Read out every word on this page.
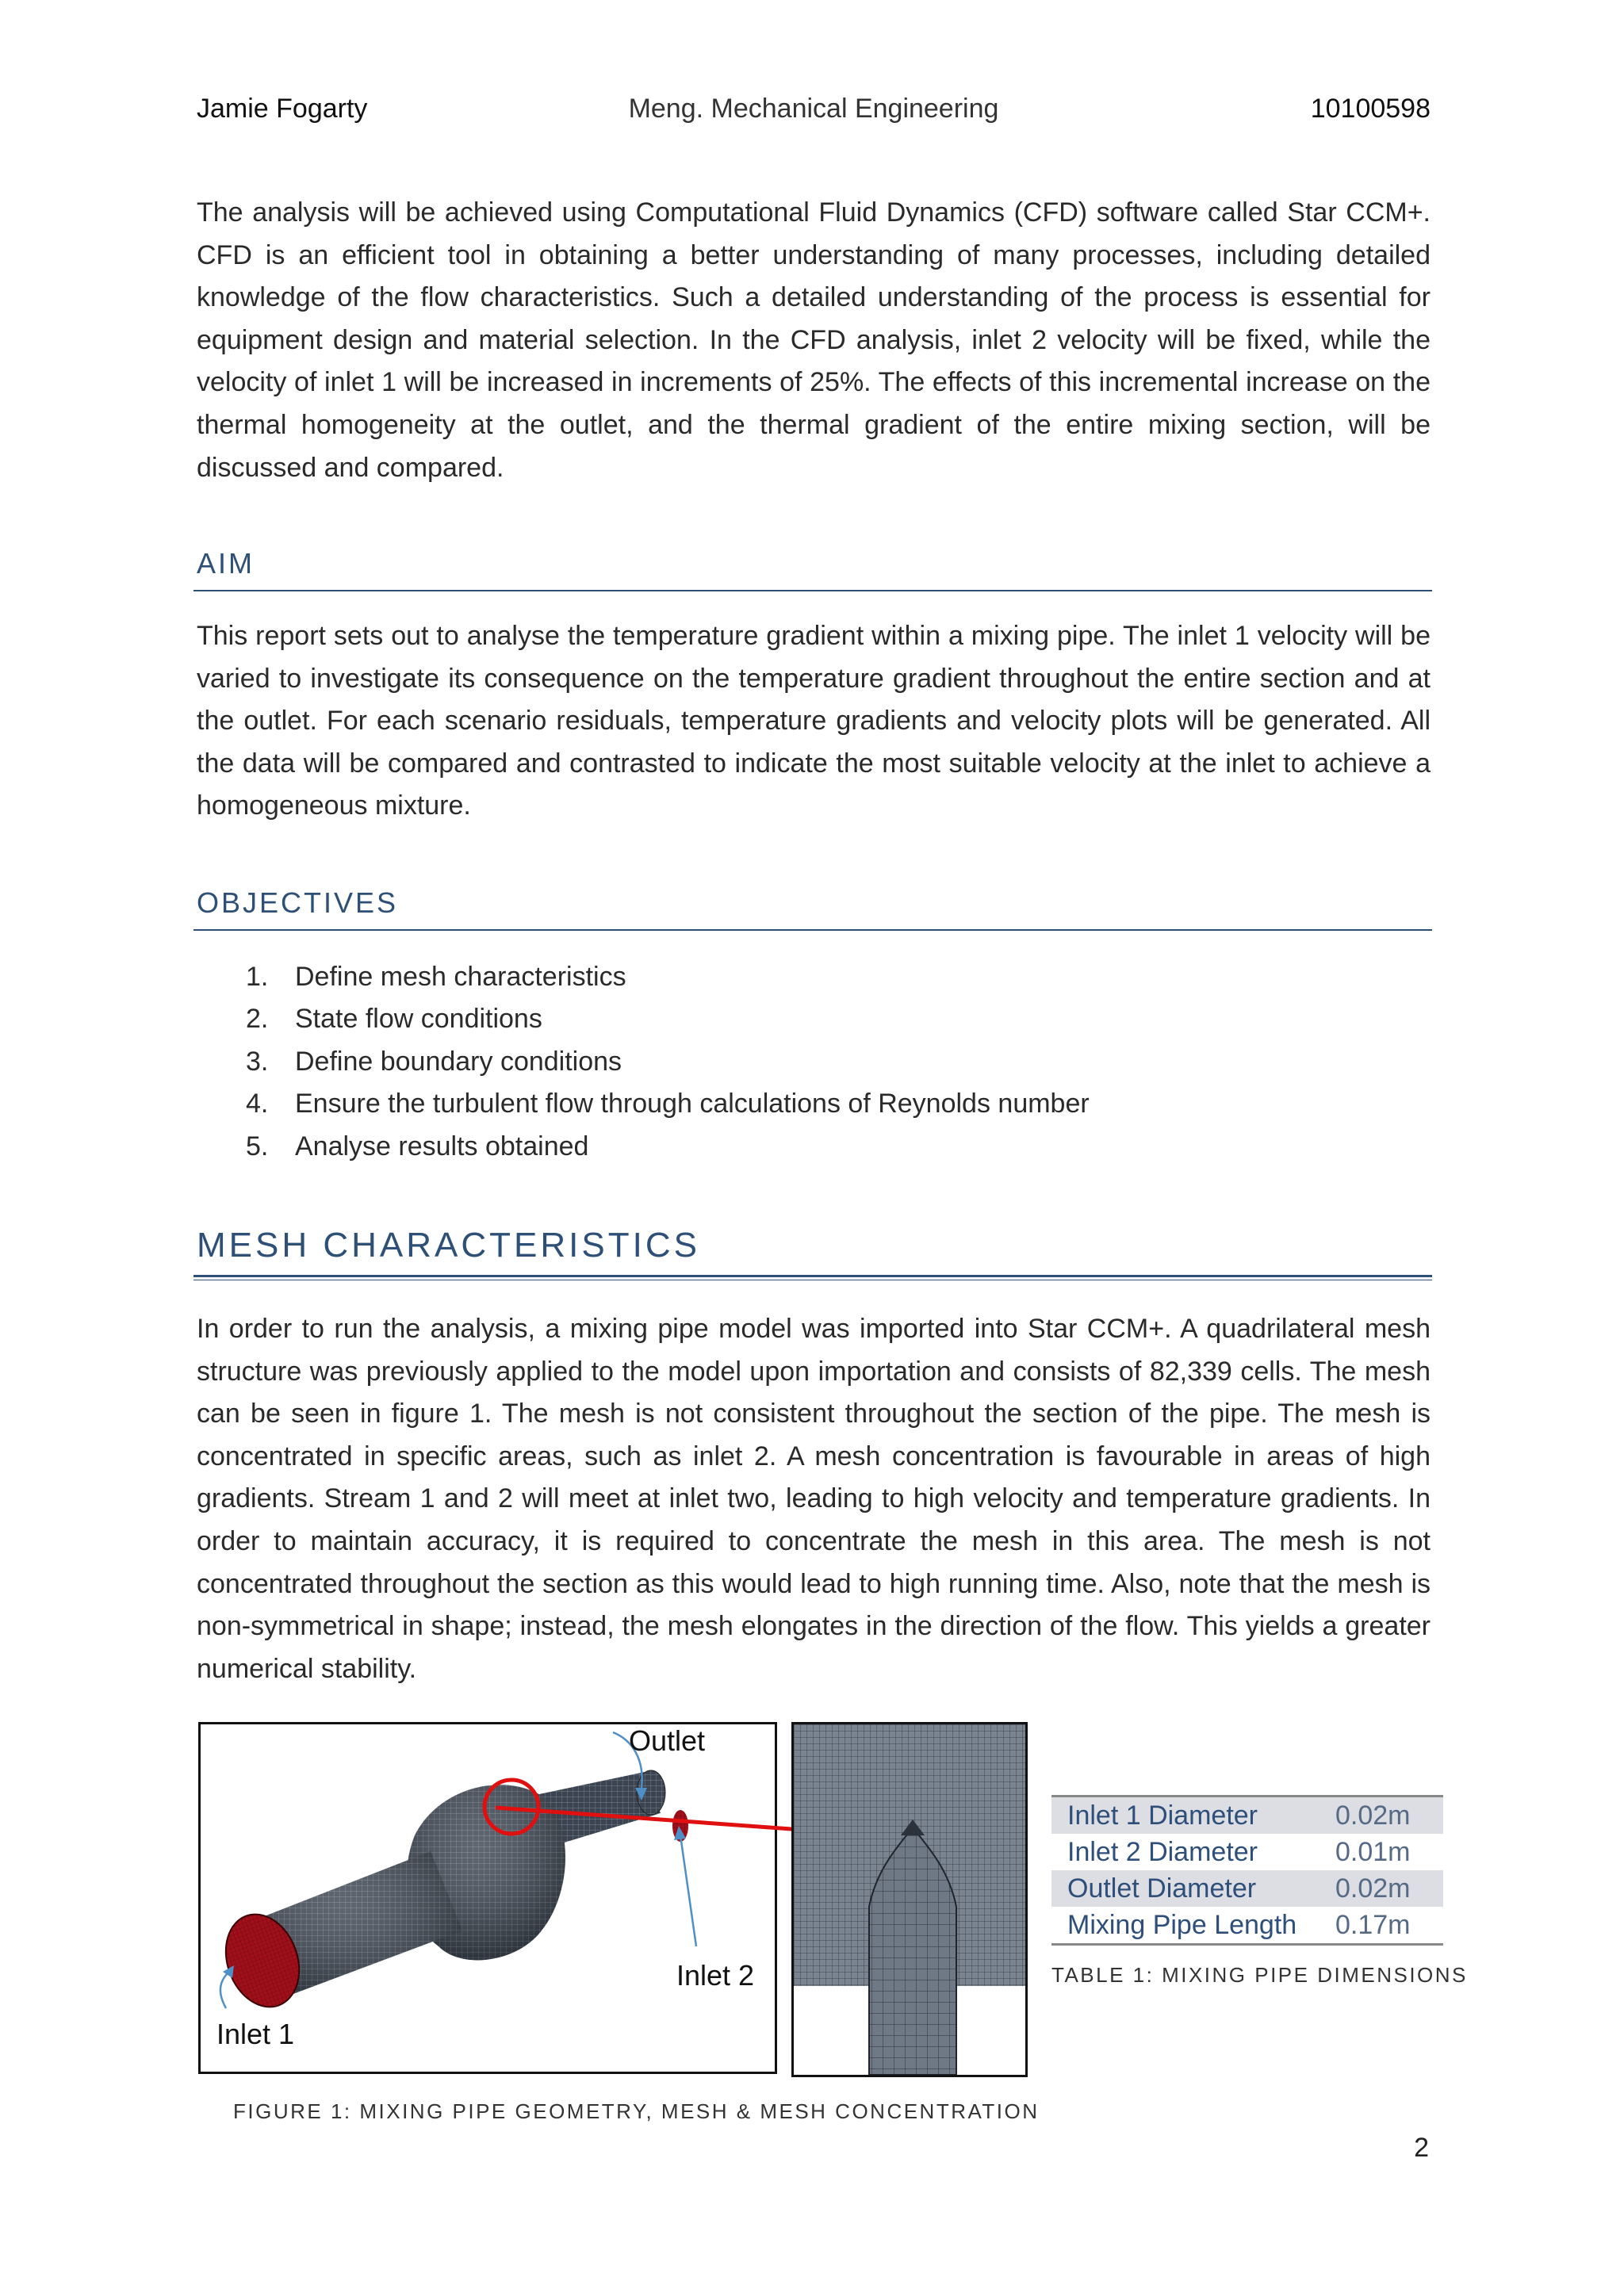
Jamie Fogarty	Meng. Mechanical Engineering	10100598

The analysis will be achieved using Computational Fluid Dynamics (CFD) software called Star CCM+. CFD is an efficient tool in obtaining a better understanding of many processes, including detailed knowledge of the flow characteristics. Such a detailed understanding of the process is essential for equipment design and material selection. In the CFD analysis, inlet 2 velocity will be fixed, while the velocity of inlet 1 will be increased in increments of 25%. The effects of this incremental increase on the thermal homogeneity at the outlet, and the thermal gradient of the entire mixing section, will be discussed and compared.

AIM

This report sets out to analyse the temperature gradient within a mixing pipe. The inlet 1 velocity will be varied to investigate its consequence on the temperature gradient throughout the entire section and at the outlet. For each scenario residuals, temperature gradients and velocity plots will be generated. All the data will be compared and contrasted to indicate the most suitable velocity at the inlet to achieve a homogeneous mixture.

OBJECTIVES
1. Define mesh characteristics
2. State flow conditions
3. Define boundary conditions
4. Ensure the turbulent flow through calculations of Reynolds number
5. Analyse results obtained
MESH CHARACTERISTICS

In order to run the analysis, a mixing pipe model was imported into Star CCM+. A quadrilateral mesh structure was previously applied to the model upon importation and consists of 82,339 cells. The mesh can be seen in figure 1. The mesh is not consistent throughout the section of the pipe. The mesh is concentrated in specific areas, such as inlet 2. A mesh concentration is favourable in areas of high gradients. Stream 1 and 2 will meet at inlet two, leading to high velocity and temperature gradients. In order to maintain accuracy, it is required to concentrate the mesh in this area. The mesh is not concentrated throughout the section as this would lead to high running time. Also, note that the mesh is non-symmetrical in shape; instead, the mesh elongates in the direction of the flow. This yields a greater numerical stability.

Outlet
Inlet 2
Inlet 1
FIGURE 1: MIXING PIPE GEOMETRY, MESH & MESH CONCENTRATION
Inlet 1 Diameter	0.02m
Inlet 2 Diameter	0.01m
Outlet Diameter	0.02m
Mixing Pipe Length 0.17m
TABLE 1: MIXING PIPE DIMENSIONS
2
